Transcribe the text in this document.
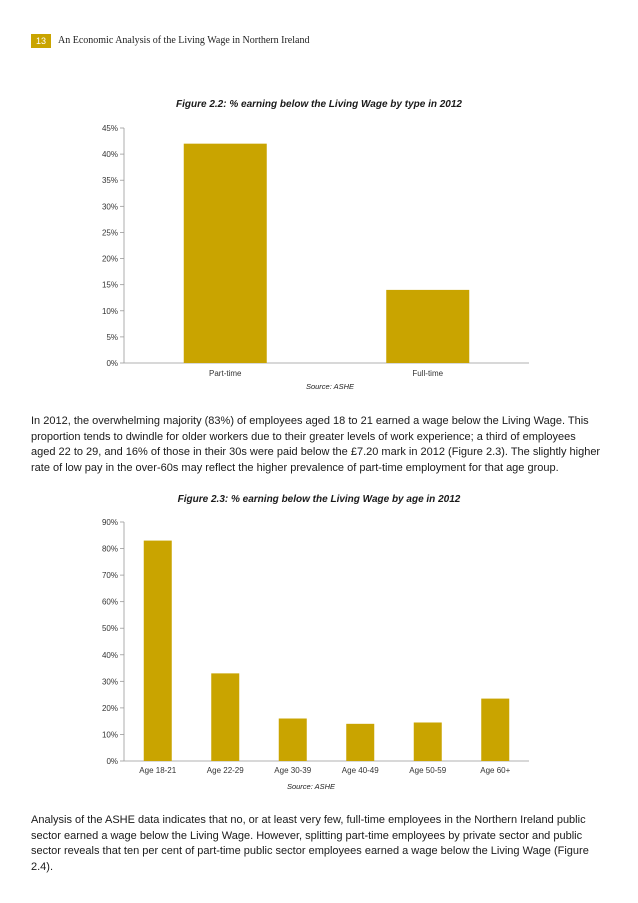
13	An Economic Analysis of the Living Wage in Northern Ireland
Figure 2.2: % earning below the Living Wage by type in 2012
0%
5%
10%
15%
20%
25%
30%
35%
40%
45%
Part-time	Full-time
Source: ASHE
0%
10%
20%
30%
40%
50%
60%
70%
80%
90%
Age 18-21	Age 22-29	Age 30-39	Age 40-49	Age 50-59	Age 60+
Source: ASHE
In 2012, the overwhelming majority (83%) of employees aged 18 to 21 earned a wage below the Living Wage. This proportion tends to dwindle for older workers due to their greater levels of work experience; a third of employees aged 22 to 29, and 16% of those in their 30s were paid below the £7.20 mark in 2012 (Figure 2.3). The slightly higher rate of low pay in the over-60s may reflect the higher prevalence of part-time employment for that age group.
Figure 2.3: % earning below the Living Wage by age in 2012
Analysis of the ASHE data indicates that no, or at least very few, full-time employees in the Northern Ireland public sector earned a wage below the Living Wage. However, splitting part-time employees by private sector and public sector reveals that ten per cent of part-time public sector employees earned a wage below the Living Wage (Figure 2.4).
